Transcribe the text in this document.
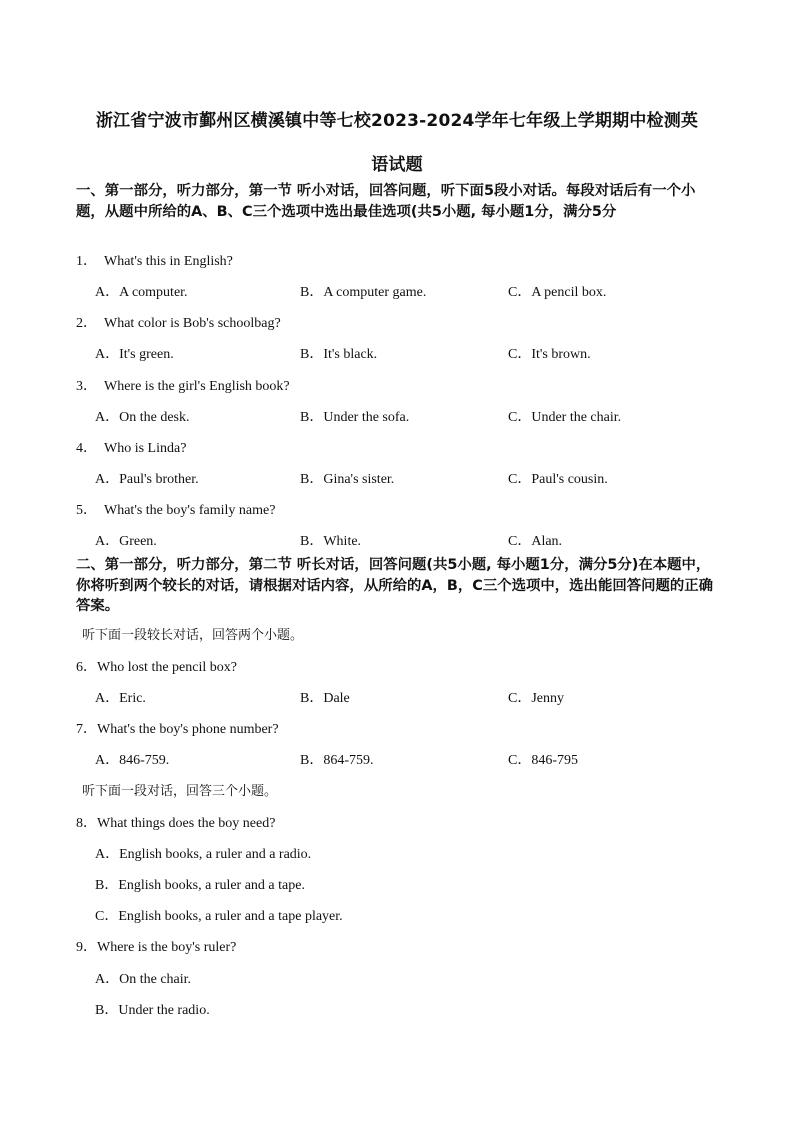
浙江省宁波市鄞州区横溪镇中等七校2023-2024学年七年级上学期期中检测英
语试题
一、第一部分，听力部分，第一节 听小对话，回答问题，听下面5段小对话。每段对话后有一个小题，从题中所给的A、B、C三个选项中选出最佳选项(共5小题, 每小题1分，满分5分
1． What's this in English?
A．A computer.	B．A computer game.	C．A pencil box.
2． What color is Bob's schoolbag?
A．It's green.	B．It's black.	C．It's brown.
3． Where is the girl's English book?
A．On the desk.	B．Under the sofa.	C．Under the chair.
4． Who is Linda?
A．Paul's brother.	B．Gina's sister.	C．Paul's cousin.
5． What's the boy's family name?
A．Green.	B．White.	C．Alan.
二、第一部分，听力部分，第二节 听长对话，回答问题(共5小题, 每小题1分，满分5分)在本题中，你将听到两个较长的对话，请根据对话内容，从所给的A，B，C三个选项中，选出能回答问题的正确答案。
听下面一段较长对话，回答两个小题。
6．Who lost the pencil box?
A．Eric.	B．Dale	C．Jenny
7．What's the boy's phone number?
A．846-759.	B．864-759.	C．846-795
听下面一段对话，回答三个小题。
8．What things does the boy need?
A．English books, a ruler and a radio.
B．English books, a ruler and a tape.
C．English books, a ruler and a tape player.
9．Where is the boy's ruler?
A．On the chair.
B．Under the radio.
